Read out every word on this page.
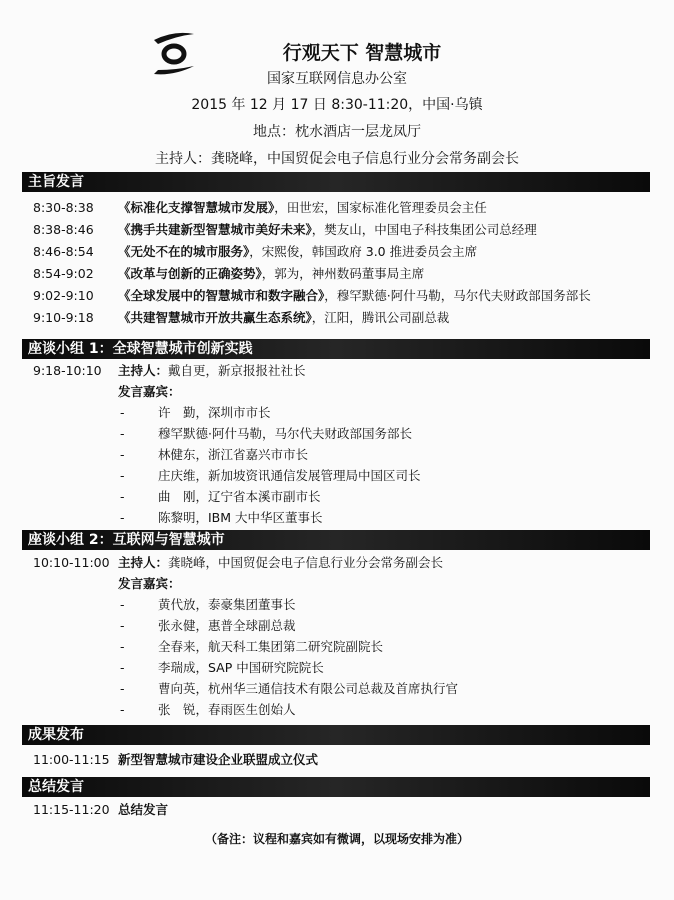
行观天下 智慧城市
国家互联网信息办公室
2015 年 12 月 17 日 8:30-11:20，中国·乌镇
地点：枕水酒店一层龙凤厅
主持人：龚晓峰，中国贸促会电子信息行业分会常务副会长
主旨发言
8:30-8:38 《标准化支撑智慧城市发展》，田世宏，国家标准化管理委员会主任
8:38-8:46 《携手共建新型智慧城市美好未来》，樊友山，中国电子科技集团公司总经理
8:46-8:54 《无处不在的城市服务》，宋熙俊，韩国政府 3.0 推进委员会主席
8:54-9:02 《改革与创新的正确姿势》，郭为，神州数码董事局主席
9:02-9:10 《全球发展中的智慧城市和数字融合》，穆罕默德·阿什马勒，马尔代夫财政部国务部长
9:10-9:18 《共建智慧城市开放共赢生态系统》，江阳，腾讯公司副总裁
座谈小组 1：全球智慧城市创新实践
9:18-10:10 主持人：戴自更，新京报报社社长
发言嘉宾：
-	许　勤，深圳市市长
-	穆罕默德·阿什马勒，马尔代夫财政部国务部长
-	林健东，浙江省嘉兴市市长
-	庄庆维，新加坡资讯通信发展管理局中国区司长
-	曲　刚，辽宁省本溪市副市长
-	陈黎明，IBM 大中华区董事长
座谈小组 2：互联网与智慧城市
10:10-11:00 主持人：龚晓峰，中国贸促会电子信息行业分会常务副会长
发言嘉宾：
-	黄代放，泰豪集团董事长
-	张永健，惠普全球副总裁
-	全春来，航天科工集团第二研究院副院长
-	李瑞成，SAP 中国研究院院长
-	曹向英，杭州华三通信技术有限公司总裁及首席执行官
-	张　锐，春雨医生创始人
成果发布
11:00-11:15 新型智慧城市建设企业联盟成立仪式
总结发言
11:15-11:20 总结发言
（备注：议程和嘉宾如有微调，以现场安排为准）
